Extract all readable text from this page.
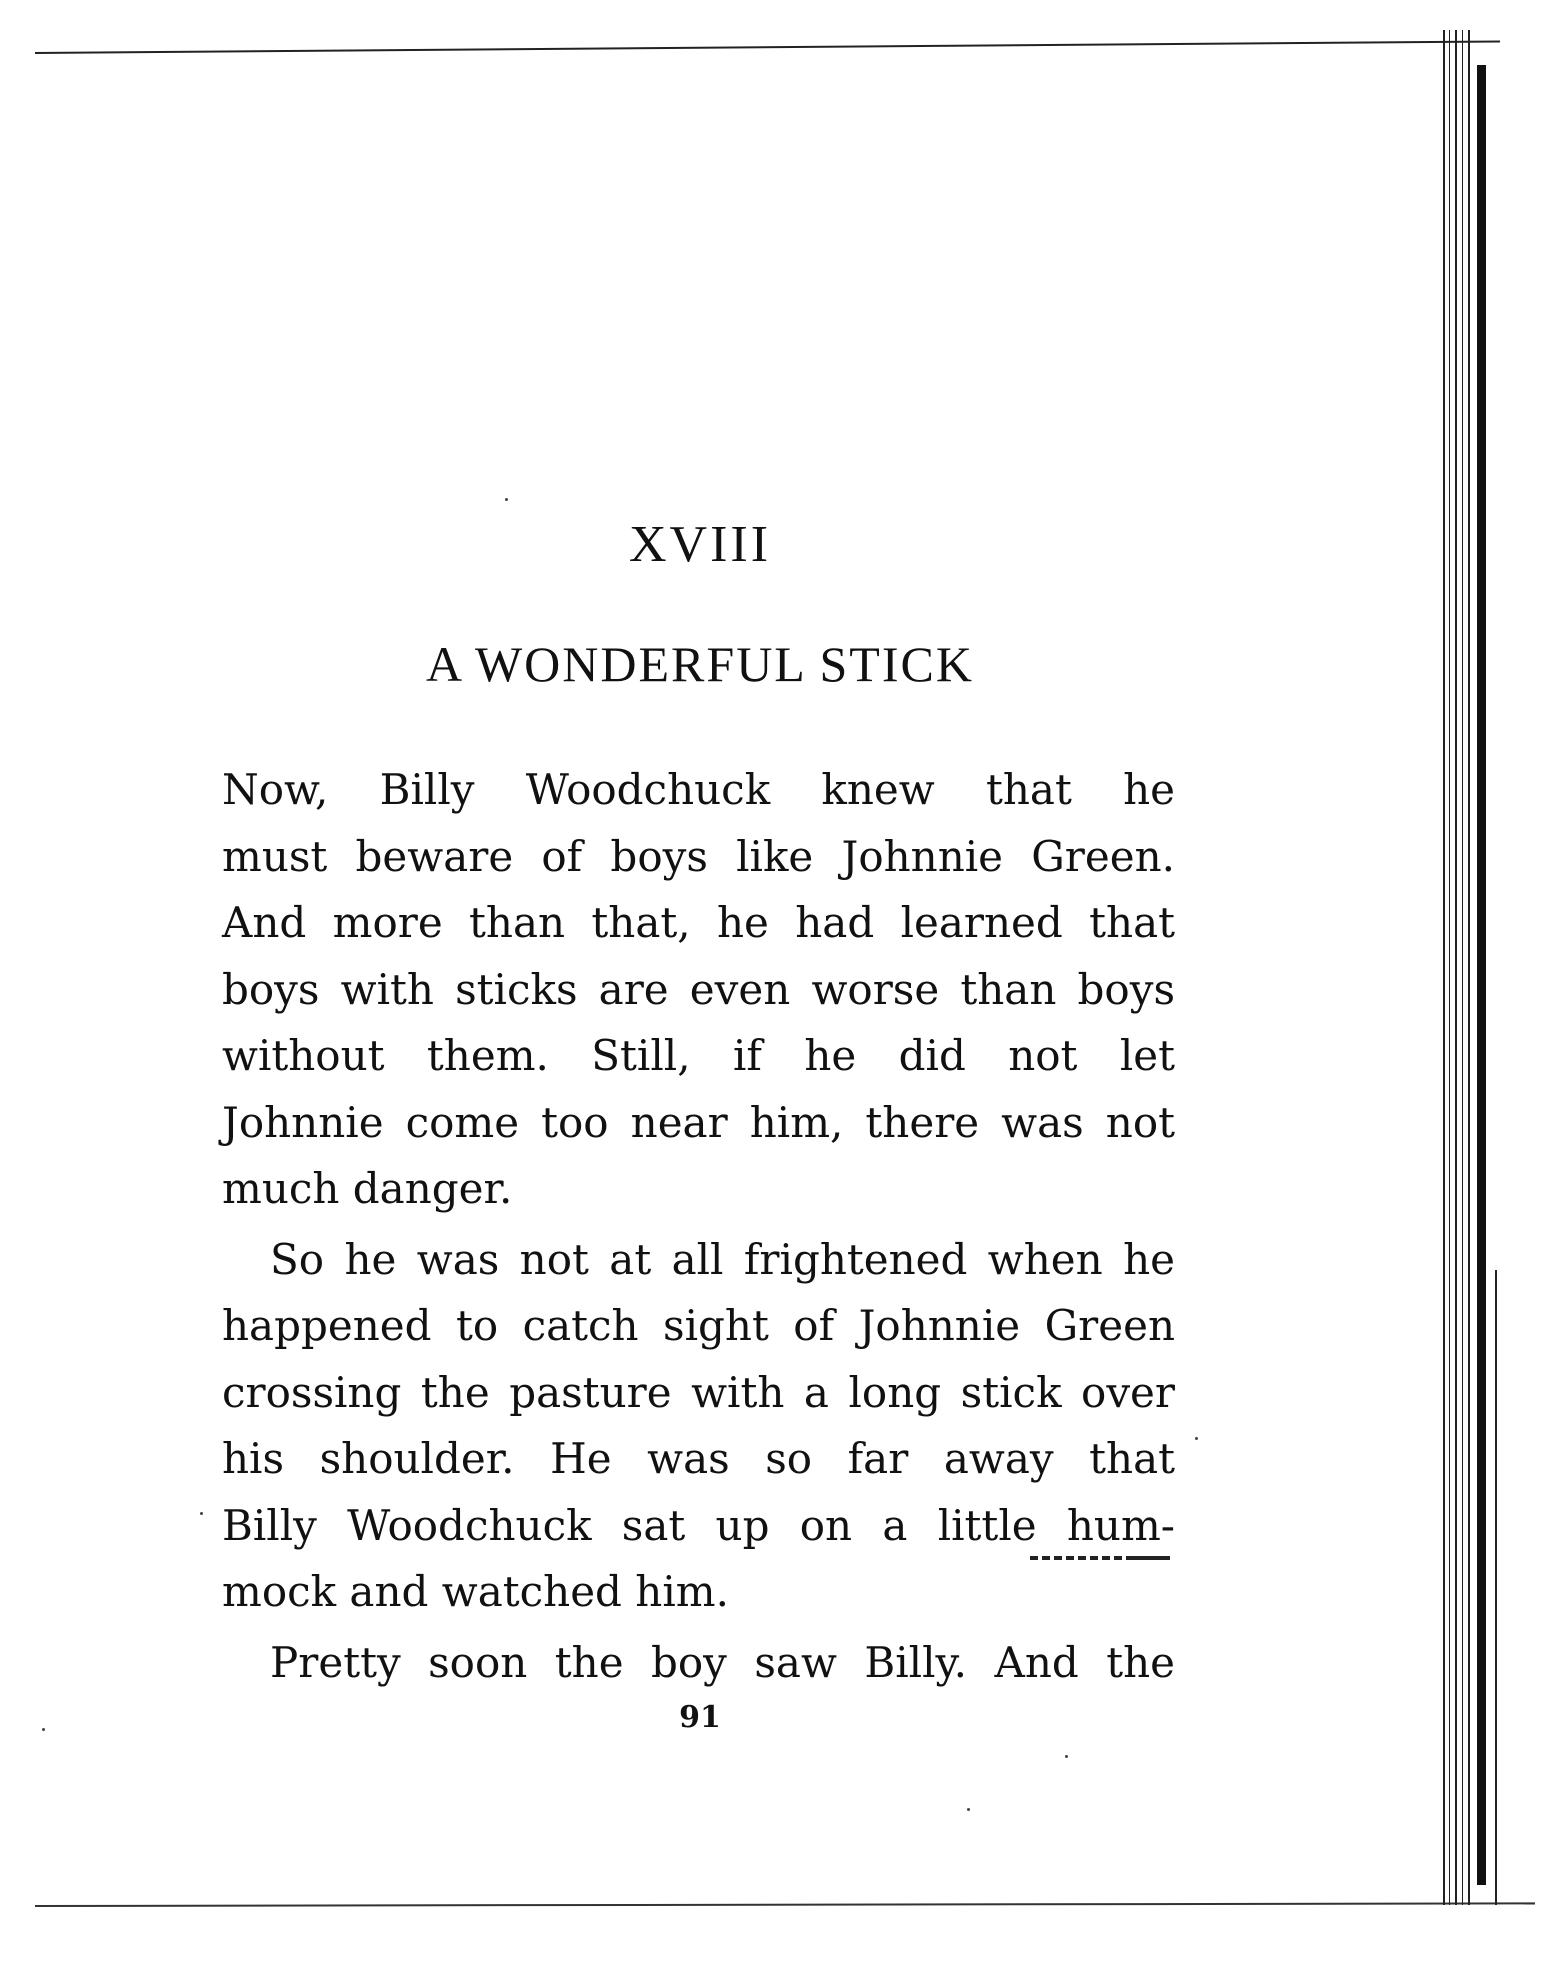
XVIII
A WONDERFUL STICK
Now, Billy Woodchuck knew that he
must beware of boys like Johnnie Green.
And more than that, he had learned that
boys with sticks are even worse than boys
without them. Still, if he did not let
Johnnie come too near him, there was not
much danger.
So he was not at all frightened when he
happened to catch sight of Johnnie Green
crossing the pasture with a long stick over
his shoulder. He was so far away that
Billy Woodchuck sat up on a little hum-
mock and watched him.
Pretty soon the boy saw Billy. And the
91
